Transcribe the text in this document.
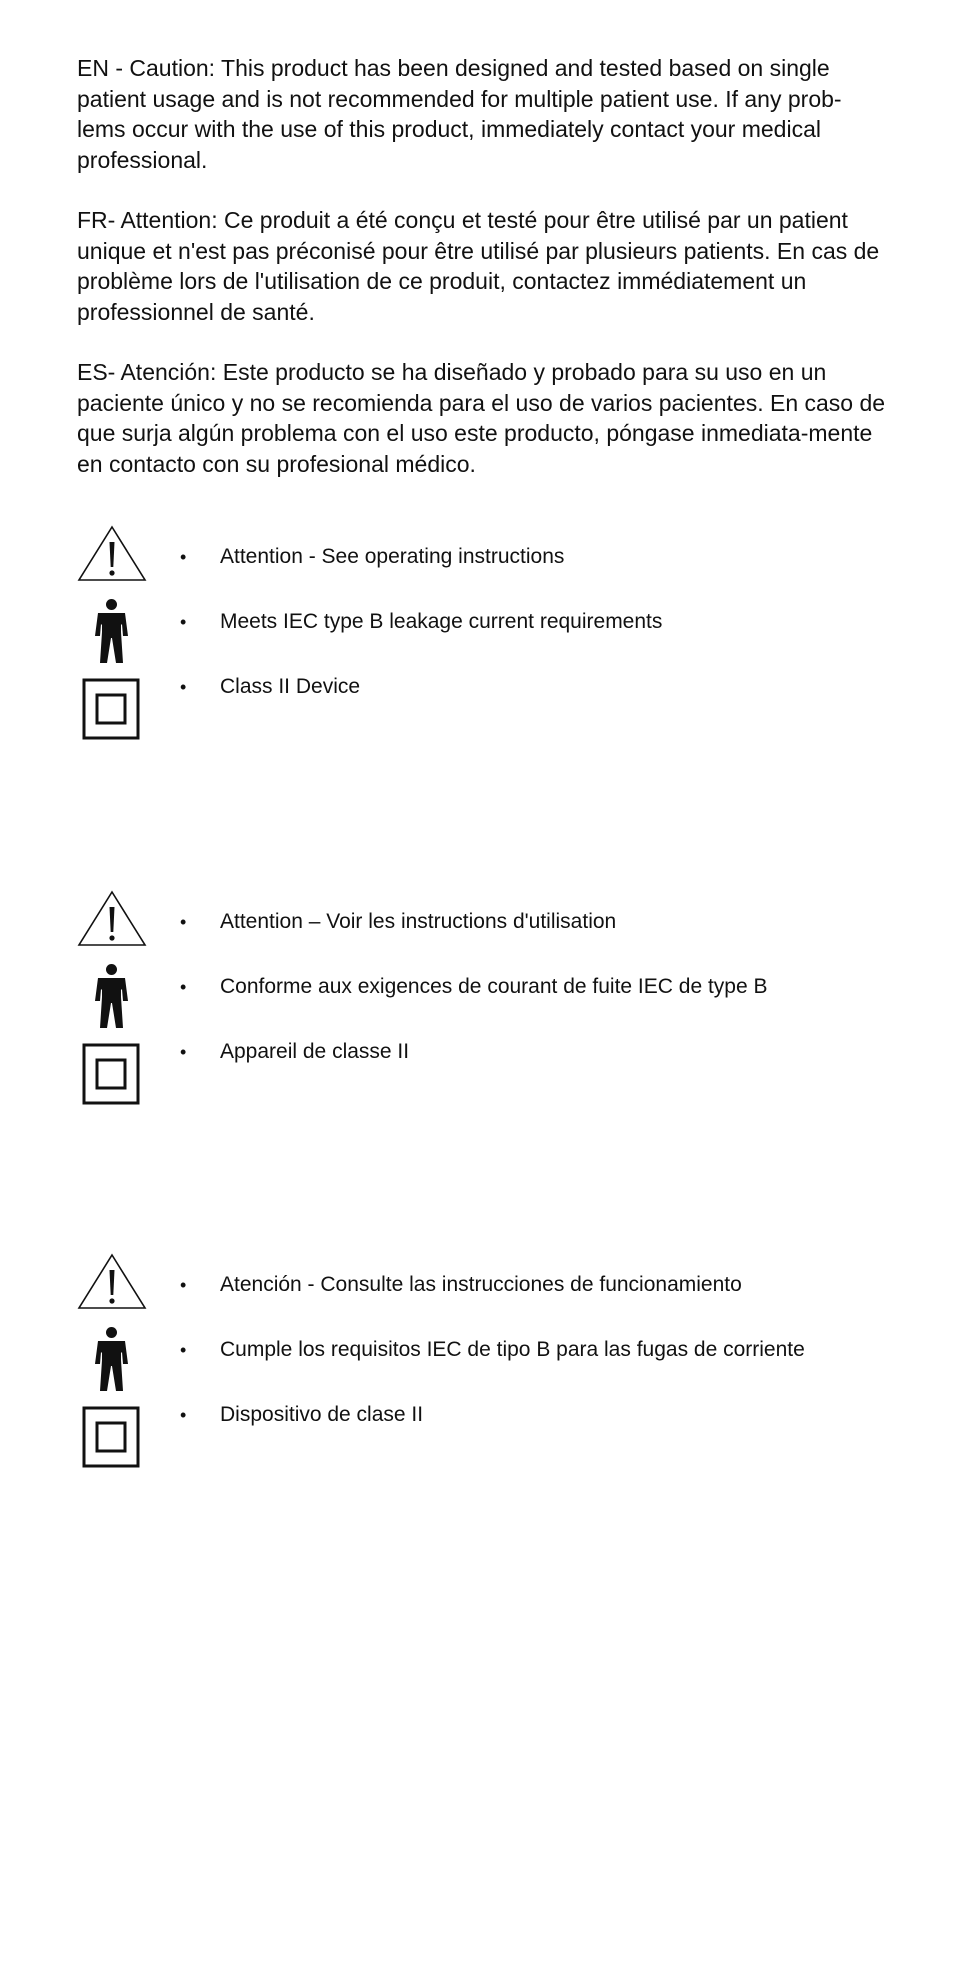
EN - Caution: This product has been designed and tested based on single patient usage and is not recommended for multiple patient use. If any prob-lems occur with the use of this product, immediately contact your medical professional.

FR- Attention: Ce produit a été conçu et testé pour être utilisé par un patient unique et n'est pas préconisé pour être utilisé par plusieurs patients. En cas de problème lors de l'utilisation de ce produit, contactez immédiatement un professionnel de santé.

ES- Atención: Este producto se ha diseñado y probado para su uso en un paciente único y no se recomienda para el uso de varios pacientes. En caso de que surja algún problema con el uso este producto, póngase inmediata-mente en contacto con su profesional médico.

• Attention - See operating instructions
• Meets IEC type B leakage current requirements
• Class II Device
• Attention – Voir les instructions d'utilisation
• Conforme aux exigences de courant de fuite IEC de type B
• Appareil de classe II
• Atención - Consulte las instrucciones de funcionamiento
• Cumple los requisitos IEC de tipo B para las fugas de corriente
• Dispositivo de clase II
